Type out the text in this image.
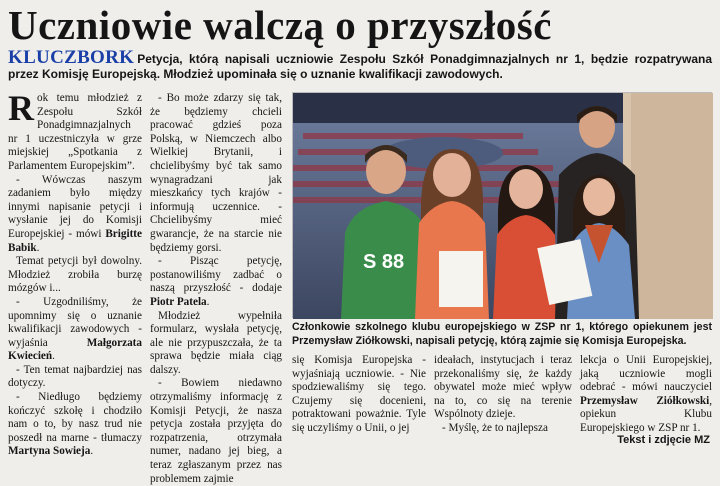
Uczniowie walczą o przyszłość
KLUCZBORK Petycja, którą napisali uczniowie Zespołu Szkół Ponadgimnazjalnych nr 1, będzie rozpatrywana przez Komisję Europejską. Młodzież upominała się o uznanie kwalifikacji zawodowych.

Rok temu młodzież z Zespołu Szkół Ponadgimnazjalnych nr 1 uczestniczyła w grze miejskiej „Spotkania z Parlamentem Europejskim”.

- Wówczas naszym zadaniem było między innymi napisanie petycji i wysłanie jej do Komisji Europejskiej - mówi Brigitte Babik.

Temat petycji był dowolny. Młodzież zrobiła burzę mózgów i...

- Uzgodniliśmy, że upomnimy się o uznanie kwalifikacji zawodowych - wyjaśnia Małgorzata Kwiecień.

- Ten temat najbardziej nas dotyczy.

- Niedługo będziemy kończyć szkołę i chodziło nam o to, by nasz trud nie poszedł na marne - tłumaczy Martyna Sowieja.

- Bo może zdarzy się tak, że będziemy chcieli pracować gdzieś poza Polską, w Niemczech albo Wielkiej Brytanii, i chcielibyśmy być tak samo wynagradzani jak mieszkańcy tych krajów - informują uczennice. - Chcielibyśmy mieć gwarancje, że na starcie nie będziemy gorsi.

- Pisząc petycję, postanowiliśmy zadbać o naszą przyszłość - dodaje Piotr Patela.

Młodzież wypełniła formularz, wysłała petycję, ale nie przypuszczała, że ta sprawa będzie miała ciąg dalszy.

- Bowiem niedawno otrzymaliśmy informację z Komisji Petycji, że nasza petycja została przyjęta do rozpatrzenia, otrzymała numer, nadano jej bieg, a teraz zgłaszanym przez nas problemem zajmie

S 88
Członkowie szkolnego klubu europejskiego w ZSP nr 1, którego opiekunem jest Przemysław Ziółkowski, napisali petycję, którą zajmie się Komisja Europejska.

się Komisja Europejska - wyjaśniają uczniowie. - Nie spodziewaliśmy się tego. Czujemy się docenieni, potraktowani poważnie. Tyle się uczyliśmy o Unii, o jej

ideałach, instytucjach i teraz przekonaliśmy się, że każdy obywatel może mieć wpływ na to, co się na terenie Wspólnoty dzieje.

- Myślę, że to najlepsza

lekcja o Unii Europejskiej, jaką uczniowie mogli odebrać - mówi nauczyciel Przemysław Ziółkowski, opiekun Klubu Europejskiego w ZSP nr 1.

Tekst i zdjęcie MZ
